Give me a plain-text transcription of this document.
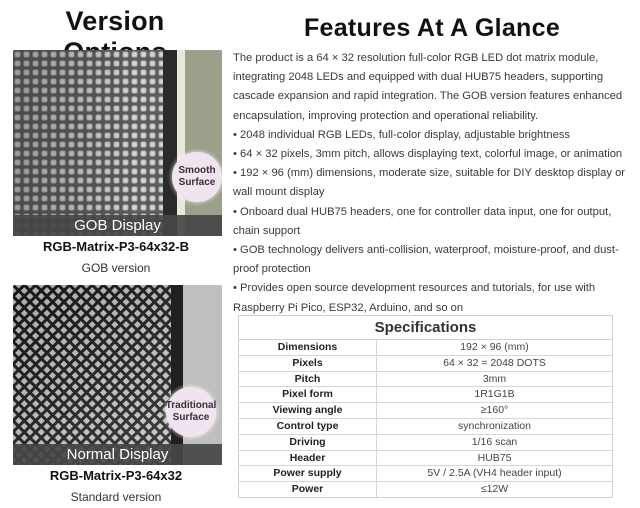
Version	Features At A Glance
Smooth
Surface
GOB Display
RGB-Matrix-P3-64x32-B
GOB version
Traditional
Surface
Normal Display
RGB-Matrix-P3-64x32
Standard version

The product is a 64 × 32 resolution full-color RGB LED dot matrix module, integrating 2048 LEDs and equipped with dual HUB75 headers, supporting cascade expansion and rapid integration. The GOB version features enhanced encapsulation, improving protection and operational reliability.

• 2048 individual RGB LEDs, full-color display, adjustable brightness

• 64 × 32 pixels, 3mm pitch, allows displaying text, colorful image, or animation

• 192 × 96 (mm) dimensions, moderate size, suitable for DIY desktop display or wall mount display

• Onboard dual HUB75 headers, one for controller data input, one for output, chain support

• GOB technology delivers anti-collision, waterproof, moisture-proof, and dust-proof protection

• Provides open source development resources and tutorials, for use with Raspberry Pi Pico, ESP32, Arduino, and so on

Specifications
Dimensions	192 × 96 (mm)
Pixels	64 × 32 = 2048 DOTS
Pitch	3mm
Pixel form	1R1G1B
Viewing angle	≥160°
Control type	synchronization
Driving	1/16 scan
Header	HUB75
Power supply	5V / 2.5A (VH4 header input)
Power	≤12W
